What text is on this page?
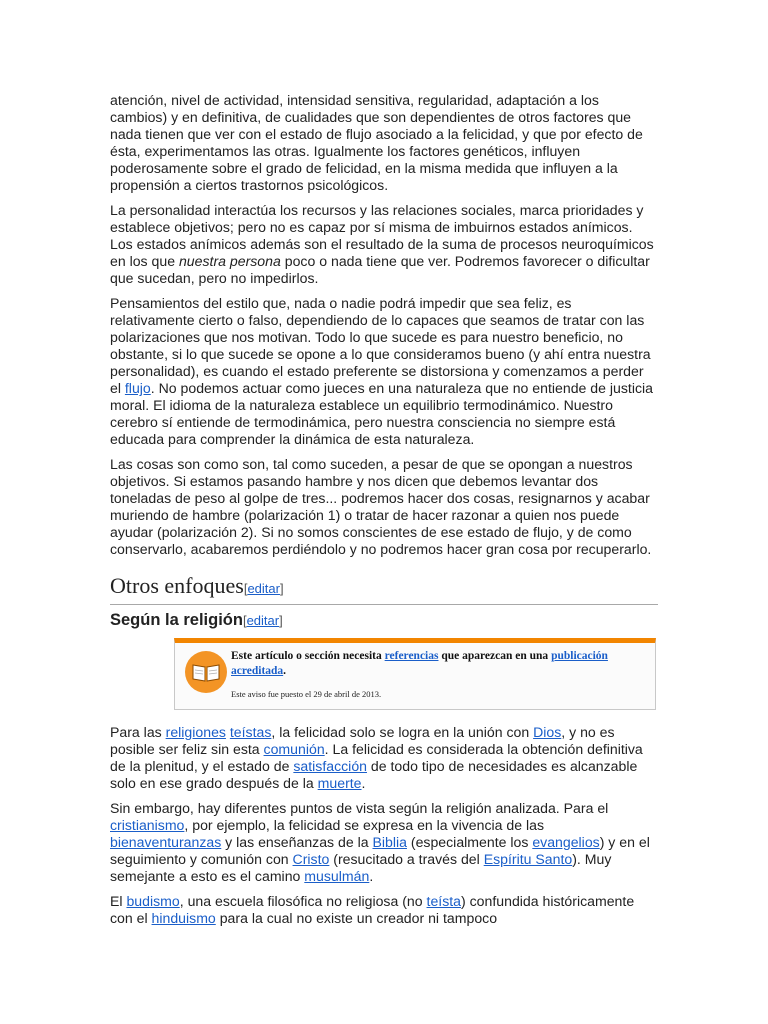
atención, nivel de actividad, intensidad sensitiva, regularidad, adaptación a los cambios) y en definitiva, de cualidades que son dependientes de otros factores que nada tienen que ver con el estado de flujo asociado a la felicidad, y que por efecto de ésta, experimentamos las otras. Igualmente los factores genéticos, influyen poderosamente sobre el grado de felicidad, en la misma medida que influyen a la propensión a ciertos trastornos psicológicos.

La personalidad interactúa los recursos y las relaciones sociales, marca prioridades y establece objetivos; pero no es capaz por sí misma de imbuirnos estados anímicos. Los estados anímicos además son el resultado de la suma de procesos neuroquímicos en los que nuestra persona poco o nada tiene que ver. Podremos favorecer o dificultar que sucedan, pero no impedirlos.

Pensamientos del estilo que, nada o nadie podrá impedir que sea feliz, es relativamente cierto o falso, dependiendo de lo capaces que seamos de tratar con las polarizaciones que nos motivan. Todo lo que sucede es para nuestro beneficio, no obstante, si lo que sucede se opone a lo que consideramos bueno (y ahí entra nuestra personalidad), es cuando el estado preferente se distorsiona y comenzamos a perder el flujo. No podemos actuar como jueces en una naturaleza que no entiende de justicia moral. El idioma de la naturaleza establece un equilibrio termodinámico. Nuestro cerebro sí entiende de termodinámica, pero nuestra consciencia no siempre está educada para comprender la dinámica de esta naturaleza.

Las cosas son como son, tal como suceden, a pesar de que se opongan a nuestros objetivos. Si estamos pasando hambre y nos dicen que debemos levantar dos toneladas de peso al golpe de tres... podremos hacer dos cosas, resignarnos y acabar muriendo de hambre (polarización 1) o tratar de hacer razonar a quien nos puede ayudar (polarización 2). Si no somos conscientes de ese estado de flujo, y de como conservarlo, acabaremos perdiéndolo y no podremos hacer gran cosa por recuperarlo.

Otros enfoques[editar]
Según la religión[editar]
Este artículo o sección necesita referencias que aparezcan en una publicación acreditada.
Este aviso fue puesto el 29 de abril de 2013.

Para las religiones teístas, la felicidad solo se logra en la unión con Dios, y no es posible ser feliz sin esta comunión. La felicidad es considerada la obtención definitiva de la plenitud, y el estado de satisfacción de todo tipo de necesidades es alcanzable solo en ese grado después de la muerte.

Sin embargo, hay diferentes puntos de vista según la religión analizada. Para el cristianismo, por ejemplo, la felicidad se expresa en la vivencia de las bienaventuranzas y las enseñanzas de la Biblia (especialmente los evangelios) y en el seguimiento y comunión con Cristo (resucitado a través del Espíritu Santo). Muy semejante a esto es el camino musulmán.

El budismo, una escuela filosófica no religiosa (no teísta) confundida históricamente con el hinduismo para la cual no existe un creador ni tampoco
